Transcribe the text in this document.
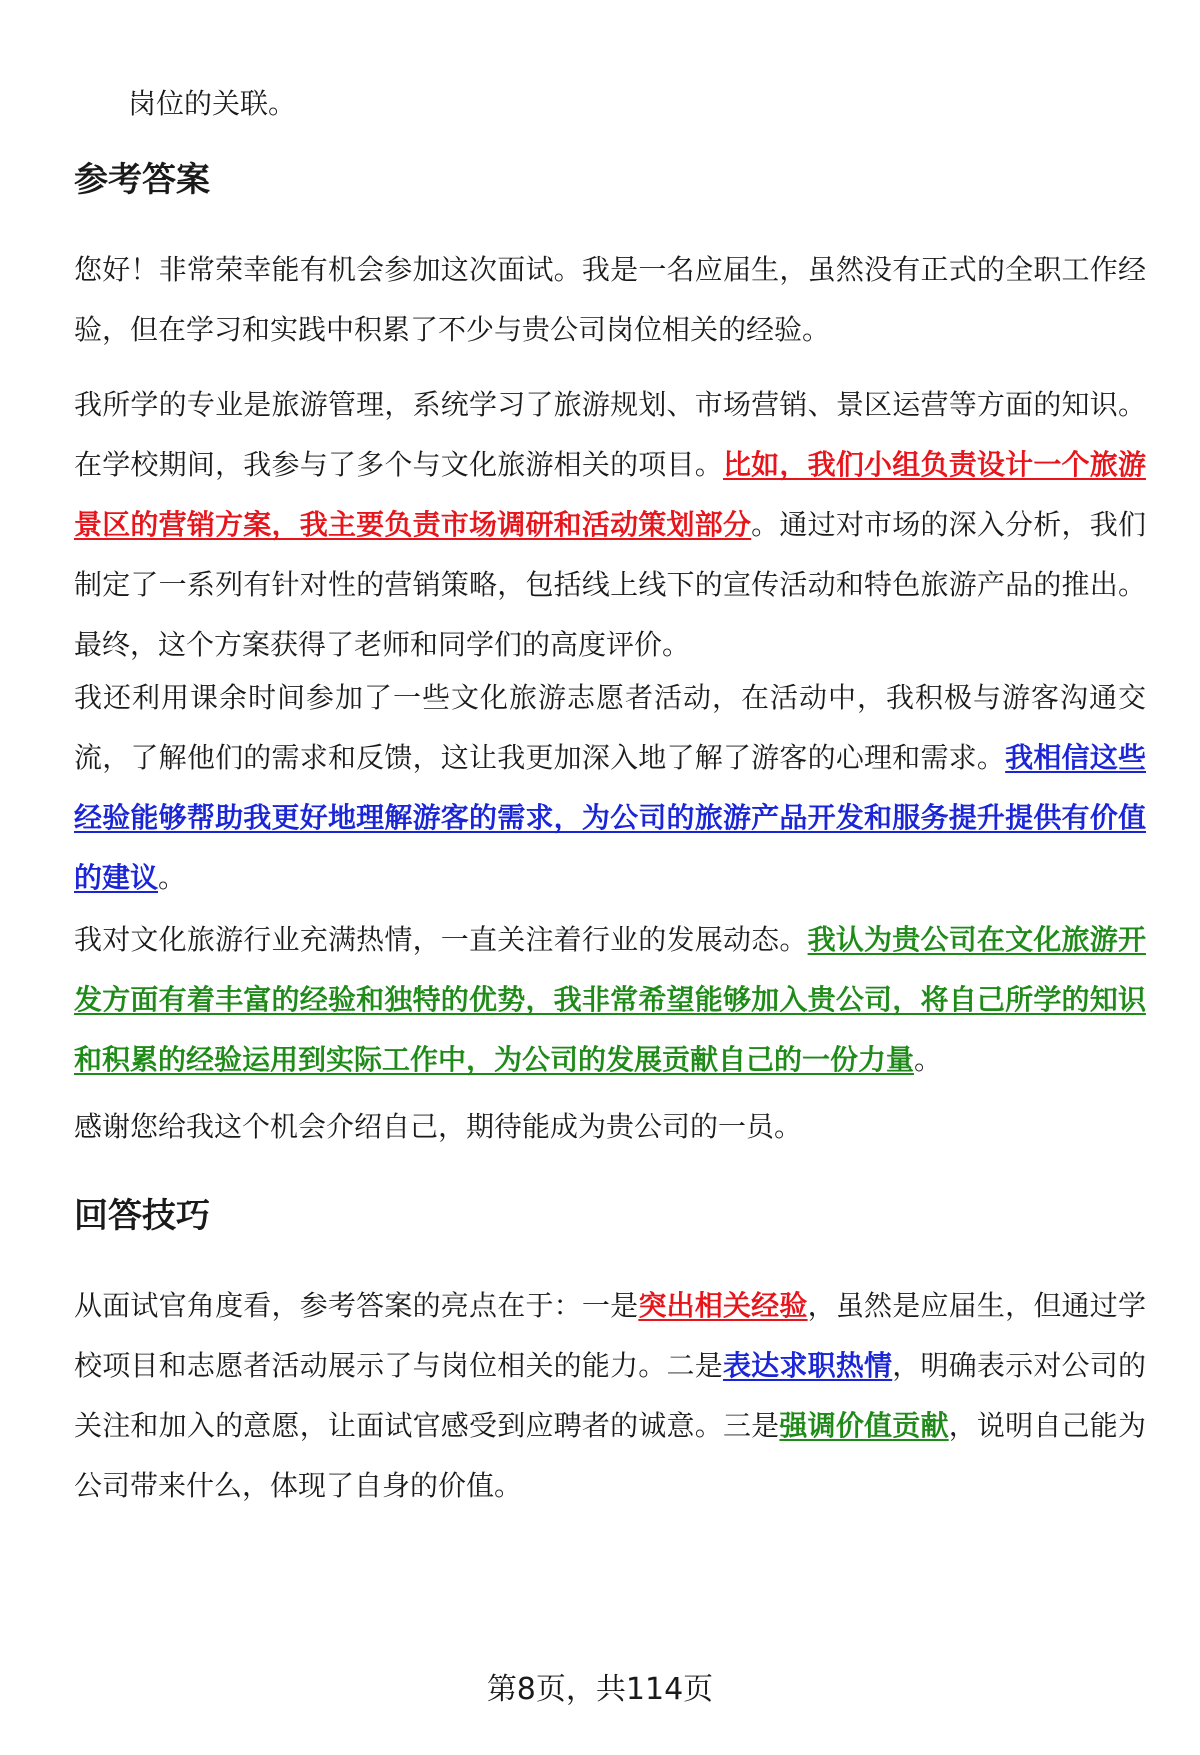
岗位的关联。

参考答案

您好！非常荣幸能有机会参加这次面试。我是一名应届生，虽然没有正式的全职工作经验，但在学习和实践中积累了不少与贵公司岗位相关的经验。

我所学的专业是旅游管理，系统学习了旅游规划、市场营销、景区运营等方面的知识。在学校期间，我参与了多个与文化旅游相关的项目。比如，我们小组负责设计一个旅游景区的营销方案，我主要负责市场调研和活动策划部分。通过对市场的深入分析，我们制定了一系列有针对性的营销策略，包括线上线下的宣传活动和特色旅游产品的推出。最终，这个方案获得了老师和同学们的高度评价。

我还利用课余时间参加了一些文化旅游志愿者活动，在活动中，我积极与游客沟通交流，了解他们的需求和反馈，这让我更加深入地了解了游客的心理和需求。我相信这些经验能够帮助我更好地理解游客的需求，为公司的旅游产品开发和服务提升提供有价值的建议。

我对文化旅游行业充满热情，一直关注着行业的发展动态。我认为贵公司在文化旅游开发方面有着丰富的经验和独特的优势，我非常希望能够加入贵公司，将自己所学的知识和积累的经验运用到实际工作中，为公司的发展贡献自己的一份力量。

感谢您给我这个机会介绍自己，期待能成为贵公司的一员。

回答技巧

从面试官角度看，参考答案的亮点在于：一是突出相关经验，虽然是应届生，但通过学校项目和志愿者活动展示了与岗位相关的能力。二是表达求职热情，明确表示对公司的关注和加入的意愿，让面试官感受到应聘者的诚意。三是强调价值贡献，说明自己能为公司带来什么，体现了自身的价值。

第8页，共114页
